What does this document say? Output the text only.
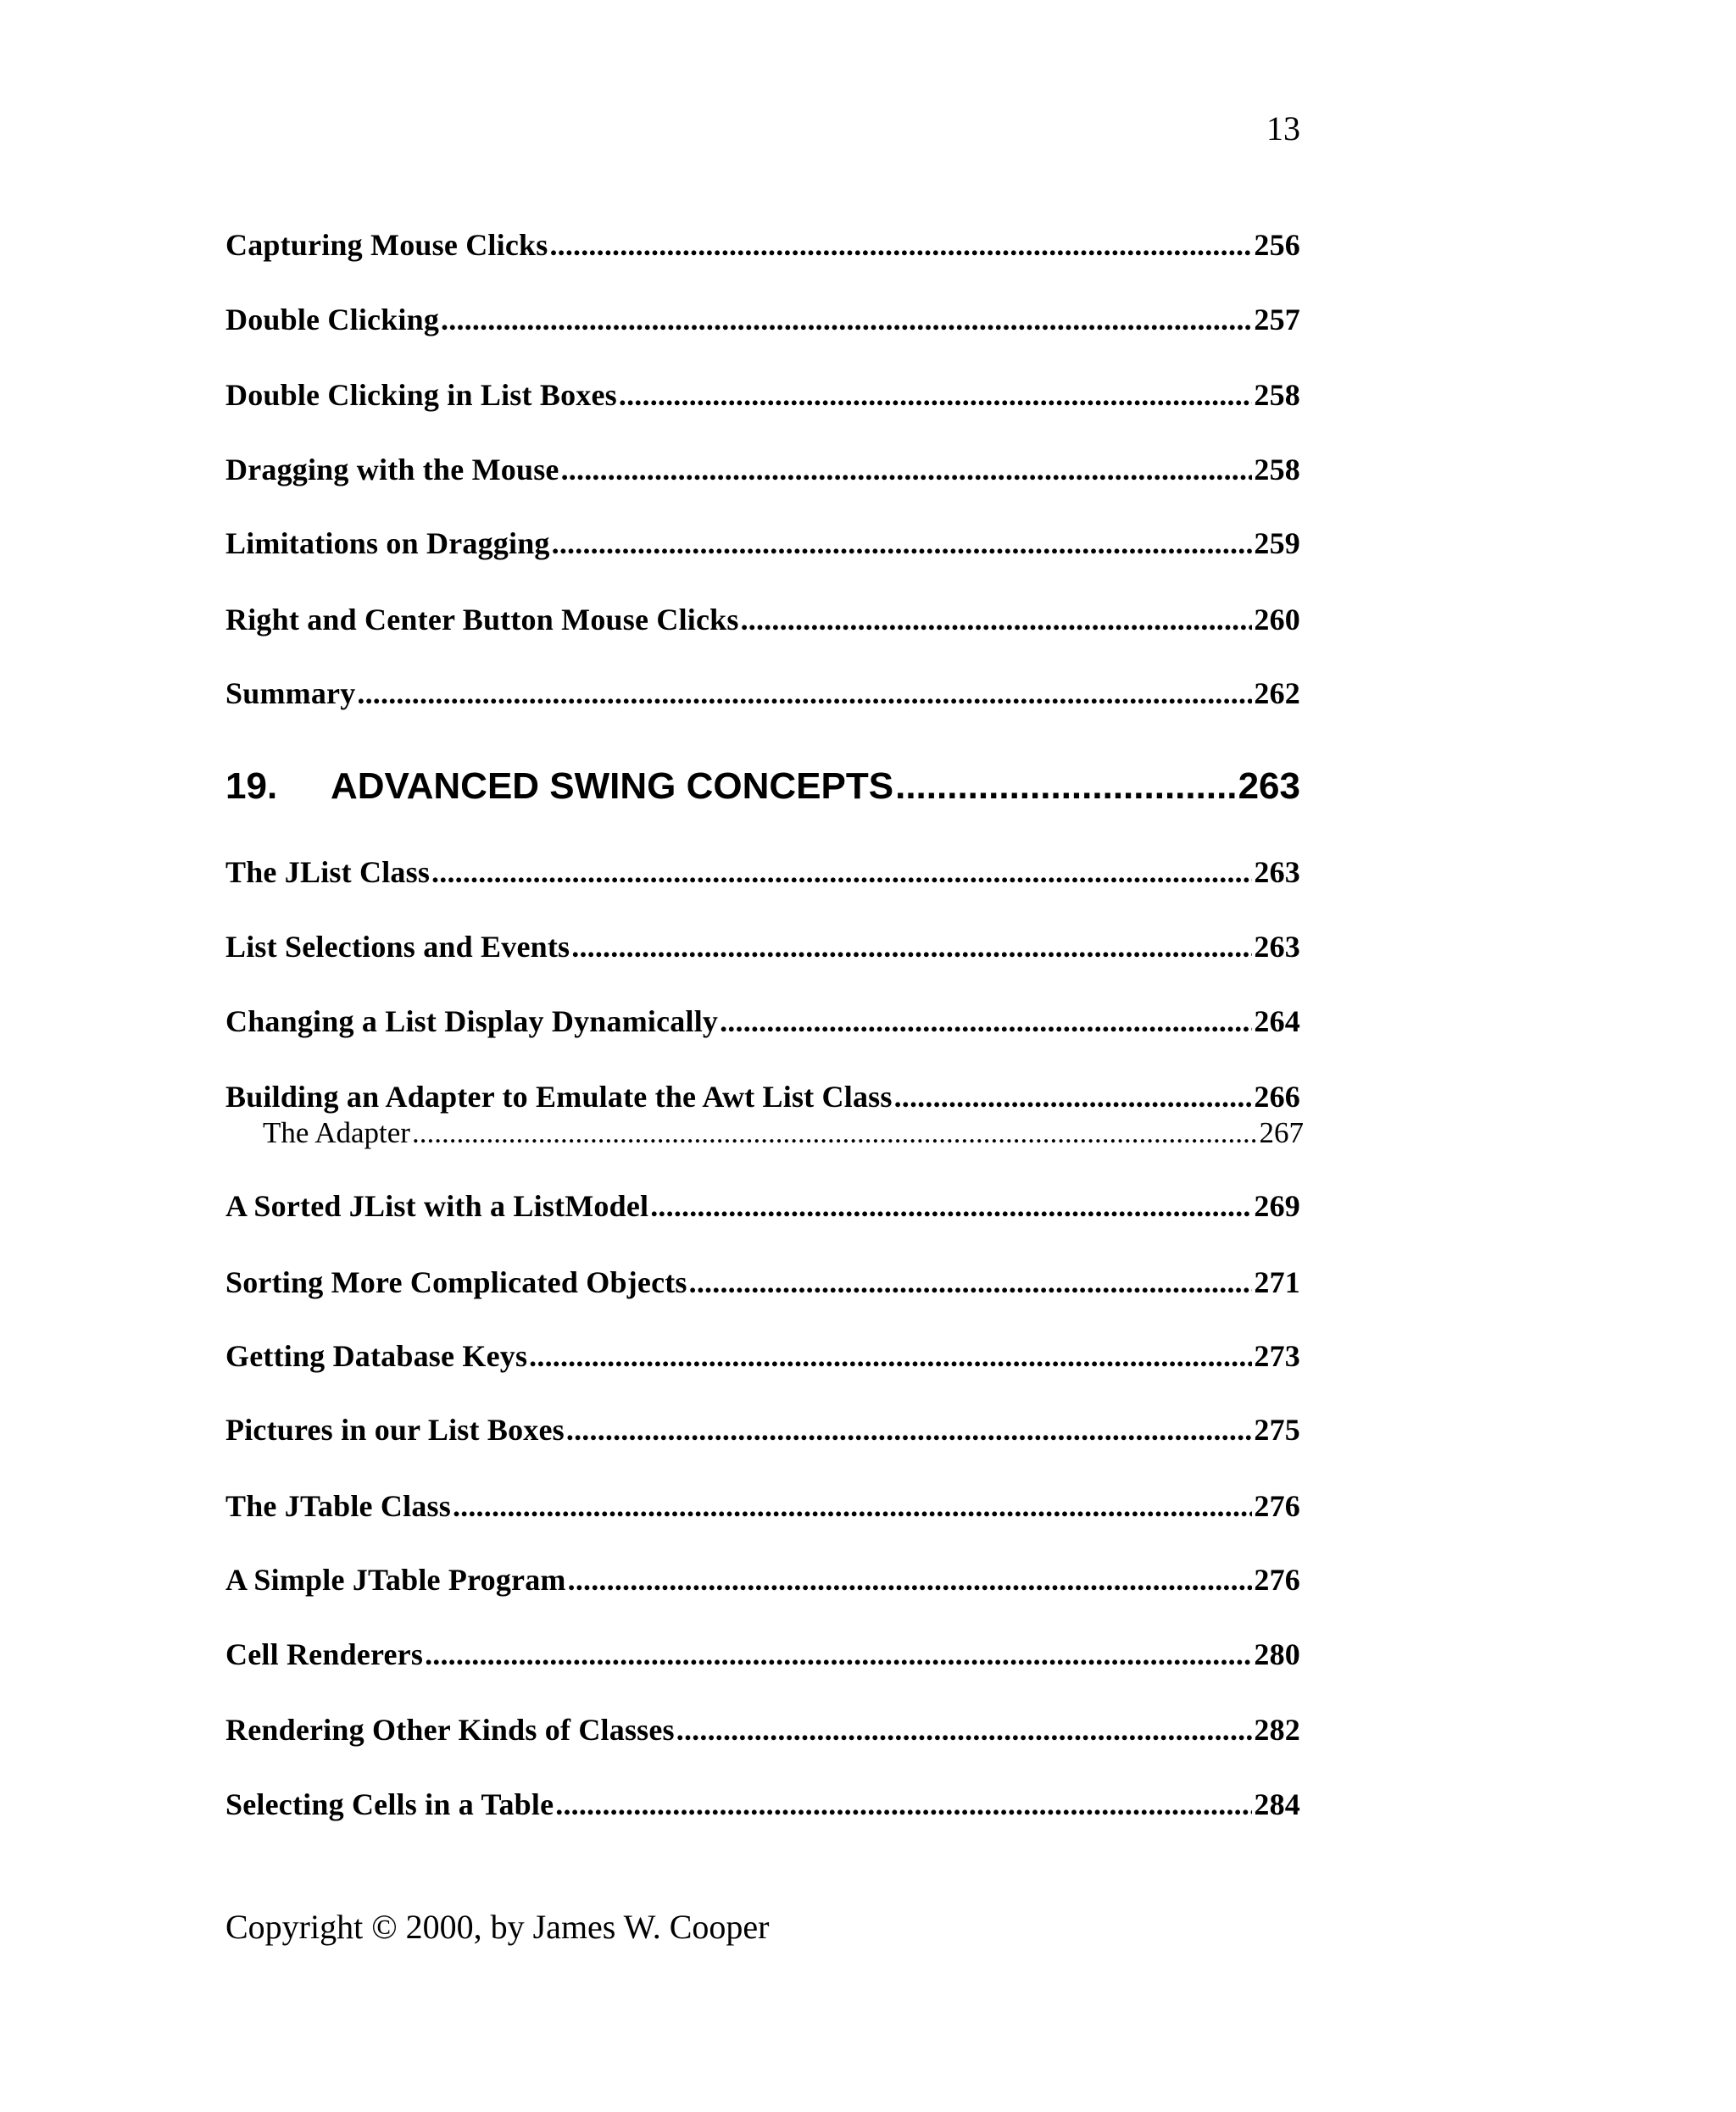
13
Capturing Mouse Clicks .....	256
Double Clicking .....	257
Double Clicking in List Boxes .....	258
Dragging with the Mouse .....	258
Limitations on Dragging .....	259
Right and Center Button Mouse Clicks .....	260
Summary .....	262
19. ADVANCED SWING CONCEPTS .....	263
The JList Class .....	263
List Selections and Events .....	263
Changing a List Display Dynamically .....	264
Building an Adapter to Emulate the Awt List Class .....	266
The Adapter .....	267
A Sorted JList with a ListModel .....	269
Sorting More Complicated Objects .....	271
Getting Database Keys .....	273
Pictures in our List Boxes .....	275
The JTable Class .....	276
A Simple JTable Program .....	276
Cell Renderers .....	280
Rendering Other Kinds of Classes .....	282
Selecting Cells in a Table .....	284
Copyright © 2000, by James W. Cooper
